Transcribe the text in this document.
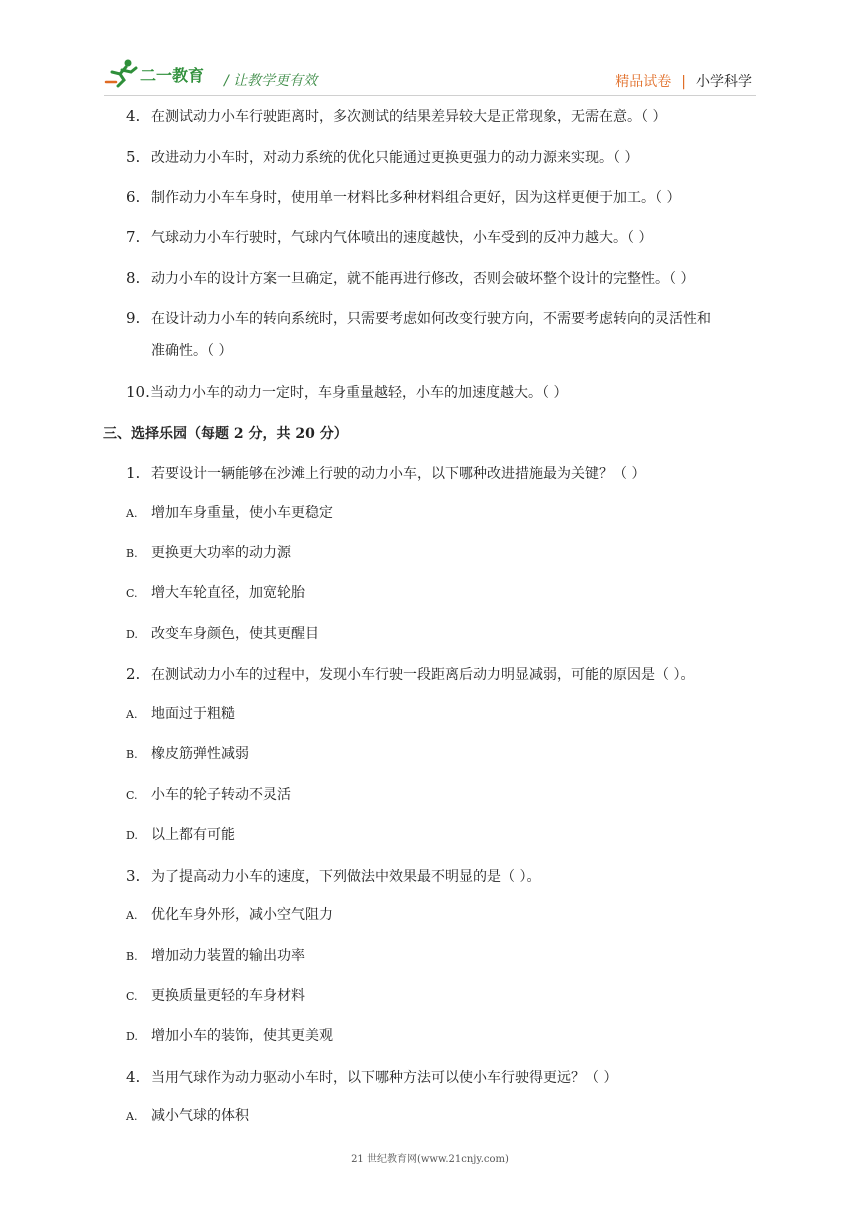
二一教育 / 让教学更有效	精品试卷 | 小学科学
4. 在测试动力小车行驶距离时，多次测试的结果差异较大是正常现象，无需在意。（ ）
5. 改进动力小车时，对动力系统的优化只能通过更换更强力的动力源来实现。（ ）
6. 制作动力小车车身时，使用单一材料比多种材料组合更好，因为这样更便于加工。（ ）
7. 气球动力小车行驶时，气球内气体喷出的速度越快，小车受到的反冲力越大。（ ）
8. 动力小车的设计方案一旦确定，就不能再进行修改，否则会破坏整个设计的完整性。（ ）
9. 在设计动力小车的转向系统时，只需要考虑如何改变行驶方向，不需要考虑转向的灵活性和
准确性。（ ）
10.当动力小车的动力一定时，车身重量越轻，小车的加速度越大。（ ）
三、选择乐园（每题 2 分，共 20 分）
1. 若要设计一辆能够在沙滩上行驶的动力小车，以下哪种改进措施最为关键？（ ）
A. 增加车身重量，使小车更稳定
B. 更换更大功率的动力源
C. 增大车轮直径，加宽轮胎
D. 改变车身颜色，使其更醒目
2. 在测试动力小车的过程中，发现小车行驶一段距离后动力明显减弱，可能的原因是（ ）。
A. 地面过于粗糙
B. 橡皮筋弹性减弱
C. 小车的轮子转动不灵活
D. 以上都有可能
3. 为了提高动力小车的速度，下列做法中效果最不明显的是（ ）。
A. 优化车身外形，减小空气阻力
B. 增加动力装置的输出功率
C. 更换质量更轻的车身材料
D. 增加小车的装饰，使其更美观
4. 当用气球作为动力驱动小车时，以下哪种方法可以使小车行驶得更远？（ ）
A. 减小气球的体积
21 世纪教育网(www.21cnjy.com)
